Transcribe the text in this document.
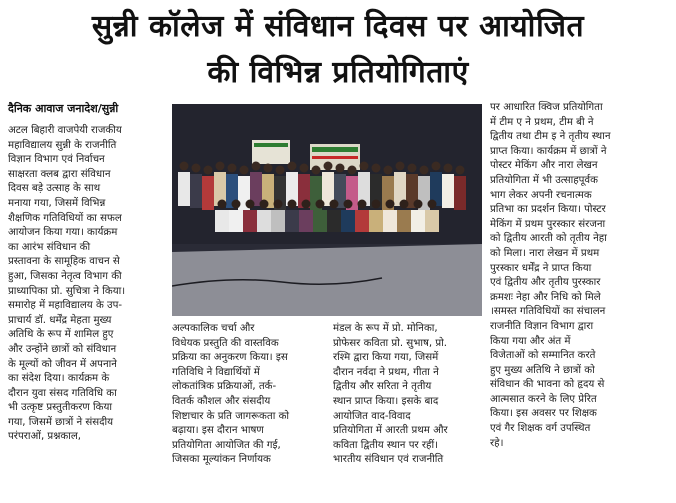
सुन्नी कॉलेज में संविधान दिवस पर आयोजित
की विभिन्न प्रतियोगिताएं
दैनिक आवाज जनादेश/सुन्नी

अटल बिहारी वाजपेयी राजकीय

महाविद्यालय सुन्नी के राजनीति

विज्ञान विभाग एवं निर्वाचन

साक्षरता क्लब द्वारा संविधान

दिवस बड़े उत्साह के साथ

मनाया गया, जिसमें विभिन्न

शैक्षणिक गतिविधियों का सफल

आयोजन किया गया। कार्यक्रम

का आरंभ संविधान की

प्रस्तावना के सामूहिक वाचन से

हुआ, जिसका नेतृत्व विभाग की

प्राध्यापिका प्रो. सुचित्रा ने किया।

समारोह में महाविद्यालय के उप-

प्राचार्य डॉ. धर्मेंद्र मेहता मुख्य

अतिथि के रूप में शामिल हुए

और उन्होंने छात्रों को संविधान

के मूल्यों को जीवन में अपनाने

का संदेश दिया। कार्यक्रम के

दौरान युवा संसद गतिविधि का

भी उत्कृष्ट प्रस्तुतीकरण किया

गया, जिसमें छात्रों ने संसदीय

परंपराओं, प्रश्नकाल,

अल्पकालिक चर्चा और

विधेयक प्रस्तुति की वास्तविक

प्रक्रिया का अनुकरण किया। इस

गतिविधि ने विद्यार्थियों में

लोकतांत्रिक प्रक्रियाओं, तर्क-

वितर्क कौशल और संसदीय

शिष्टाचार के प्रति जागरूकता को

बढ़ाया। इस दौरान भाषण

प्रतियोगिता आयोजित की गई,

जिसका मूल्यांकन निर्णायक

मंडल के रूप में प्रो. मोनिका,

प्रोफेसर कविता प्रो. सुभाष, प्रो.

रश्मि द्वारा किया गया, जिसमें

दौरान नर्वदा ने प्रथम, गीता ने

द्वितीय और सरिता ने तृतीय

स्थान प्राप्त किया। इसके बाद

आयोजित वाद-विवाद

प्रतियोगिता में आरती प्रथम और

कविता द्वितीय स्थान पर रहीं।

भारतीय संविधान एवं राजनीति

पर आधारित क्विज प्रतियोगिता

में टीम ए ने प्रथम, टीम बी ने

द्वितीय तथा टीम इ ने तृतीय स्थान

प्राप्त किया। कार्यक्रम में छात्रों ने

पोस्टर मेकिंग और नारा लेखन

प्रतियोगिता में भी उत्साहपूर्वक

भाग लेकर अपनी रचनात्मक

प्रतिभा का प्रदर्शन किया। पोस्टर

मेकिंग में प्रथम पुरस्कार संरजना

को द्वितीय आरती को तृतीय नेहा

को मिला। नारा लेखन में प्रथम

पुरस्कार धर्मेंद्र ने प्राप्त किया

एवं द्वितीय और तृतीय पुरस्कार

क्रमशः नेहा और निधि को मिले

।समस्त गतिविधियों का संचालन

राजनीति विज्ञान विभाग द्वारा

किया गया और अंत में

विजेताओं को सम्मानित करते

हुए मुख्य अतिथि ने छात्रों को

संविधान की भावना को हृदय से

आत्मसात करने के लिए प्रेरित

किया। इस अवसर पर शिक्षक

एवं गैर शिक्षक वर्ग उपस्थित

रहे।
